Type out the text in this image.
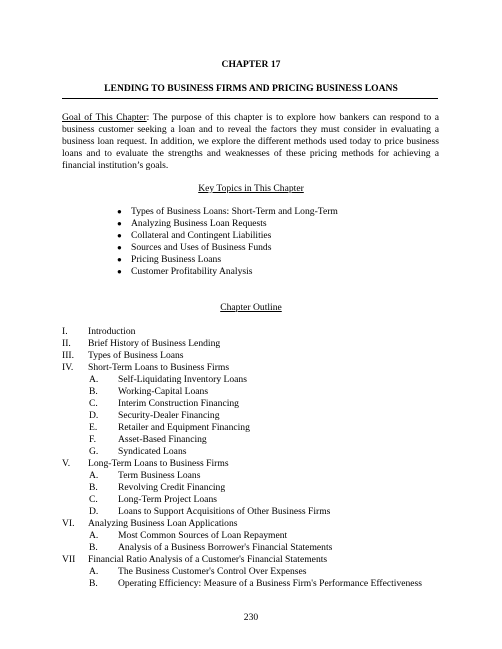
CHAPTER 17
LENDING TO BUSINESS FIRMS AND PRICING BUSINESS LOANS
Goal of This Chapter: The purpose of this chapter is to explore how bankers can respond to a business customer seeking a loan and to reveal the factors they must consider in evaluating a business loan request. In addition, we explore the different methods used today to price business loans and to evaluate the strengths and weaknesses of these pricing methods for achieving a financial institution’s goals.
Key Topics in This Chapter
● Types of Business Loans: Short-Term and Long-Term
● Analyzing Business Loan Requests
● Collateral and Contingent Liabilities
● Sources and Uses of Business Funds
● Pricing Business Loans
● Customer Profitability Analysis
Chapter Outline
I. Introduction
II. Brief History of Business Lending
III. Types of Business Loans
IV. Short-Term Loans to Business Firms
A. Self-Liquidating Inventory Loans
B. Working-Capital Loans
C. Interim Construction Financing
D. Security-Dealer Financing
E. Retailer and Equipment Financing
F. Asset-Based Financing
G. Syndicated Loans
V. Long-Term Loans to Business Firms
A. Term Business Loans
B. Revolving Credit Financing
C. Long-Term Project Loans
D. Loans to Support Acquisitions of Other Business Firms
VI. Analyzing Business Loan Applications
A. Most Common Sources of Loan Repayment
B. Analysis of a Business Borrower's Financial Statements
VII Financial Ratio Analysis of a Customer's Financial Statements
A. The Business Customer's Control Over Expenses
B. Operating Efficiency: Measure of a Business Firm's Performance Effectiveness
230
